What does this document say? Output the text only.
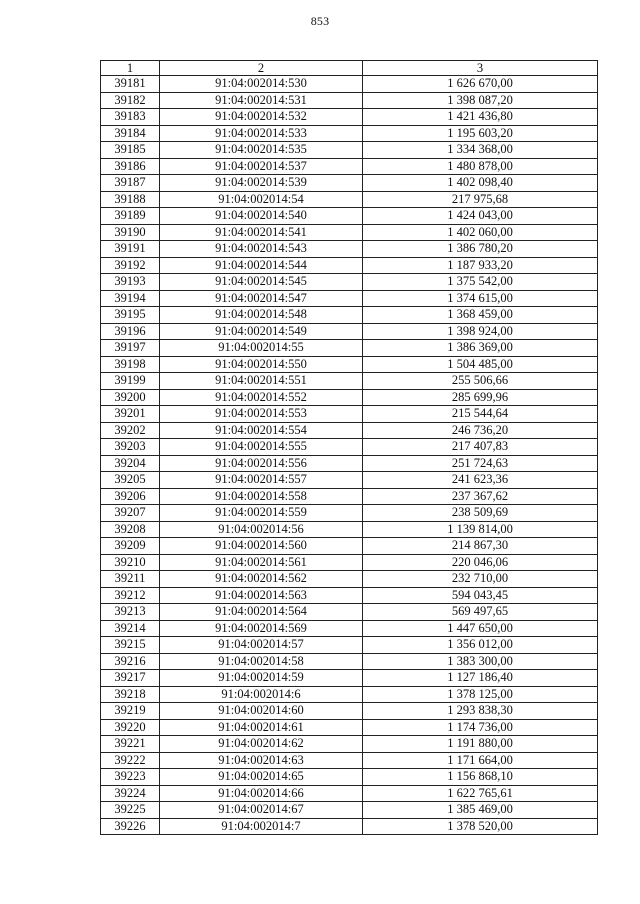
853
1	2	3
39181	91:04:002014:530	1 626 670,00
39182	91:04:002014:531	1 398 087,20
39183	91:04:002014:532	1 421 436,80
39184	91:04:002014:533	1 195 603,20
39185	91:04:002014:535	1 334 368,00
39186	91:04:002014:537	1 480 878,00
39187	91:04:002014:539	1 402 098,40
39188	91:04:002014:54	217 975,68
39189	91:04:002014:540	1 424 043,00
39190	91:04:002014:541	1 402 060,00
39191	91:04:002014:543	1 386 780,20
39192	91:04:002014:544	1 187 933,20
39193	91:04:002014:545	1 375 542,00
39194	91:04:002014:547	1 374 615,00
39195	91:04:002014:548	1 368 459,00
39196	91:04:002014:549	1 398 924,00
39197	91:04:002014:55	1 386 369,00
39198	91:04:002014:550	1 504 485,00
39199	91:04:002014:551	255 506,66
39200	91:04:002014:552	285 699,96
39201	91:04:002014:553	215 544,64
39202	91:04:002014:554	246 736,20
39203	91:04:002014:555	217 407,83
39204	91:04:002014:556	251 724,63
39205	91:04:002014:557	241 623,36
39206	91:04:002014:558	237 367,62
39207	91:04:002014:559	238 509,69
39208	91:04:002014:56	1 139 814,00
39209	91:04:002014:560	214 867,30
39210	91:04:002014:561	220 046,06
39211	91:04:002014:562	232 710,00
39212	91:04:002014:563	594 043,45
39213	91:04:002014:564	569 497,65
39214	91:04:002014:569	1 447 650,00
39215	91:04:002014:57	1 356 012,00
39216	91:04:002014:58	1 383 300,00
39217	91:04:002014:59	1 127 186,40
39218	91:04:002014:6	1 378 125,00
39219	91:04:002014:60	1 293 838,30
39220	91:04:002014:61	1 174 736,00
39221	91:04:002014:62	1 191 880,00
39222	91:04:002014:63	1 171 664,00
39223	91:04:002014:65	1 156 868,10
39224	91:04:002014:66	1 622 765,61
39225	91:04:002014:67	1 385 469,00
39226	91:04:002014:7	1 378 520,00
